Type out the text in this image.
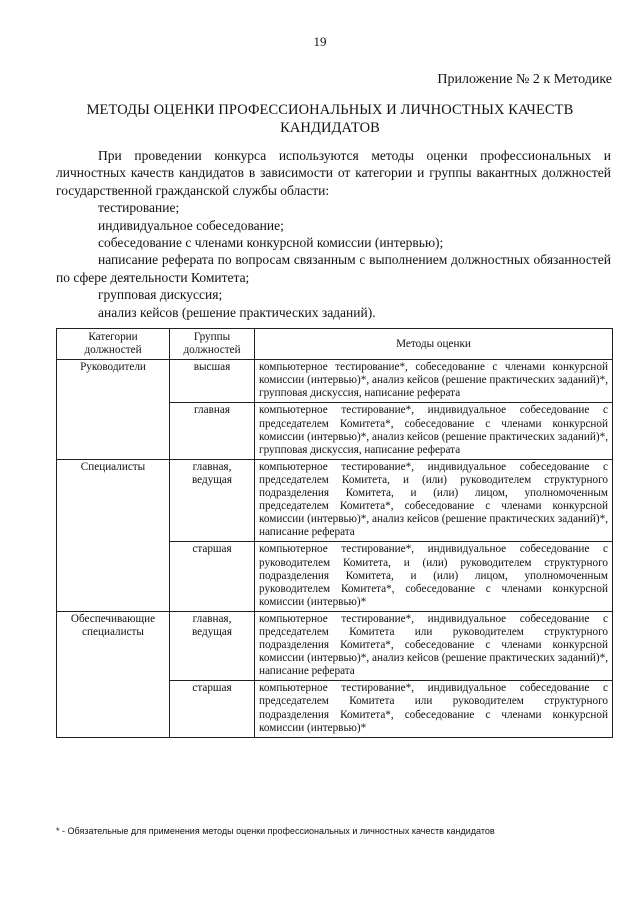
19
Приложение № 2 к Методике
МЕТОДЫ ОЦЕНКИ ПРОФЕССИОНАЛЬНЫХ И ЛИЧНОСТНЫХ КАЧЕСТВ КАНДИДАТОВ

При проведении конкурса используются методы оценки профессиональных и личностных качеств кандидатов в зависимости от категории и группы вакантных должностей государственной гражданской службы области:

тестирование;
индивидуальное собеседование;
собеседование с членами конкурсной комиссии (интервью);
написание реферата по вопросам связанным с выполнением должностных обязанностей по сфере деятельности Комитета;
групповая дискуссия;
анализ кейсов (решение практических заданий).
Категории должностей	Группы должностей	Методы оценки
Руководители	высшая	компьютерное тестирование*, собеседование с членами конкурсной комиссии (интервью)*, анализ кейсов (решение практических заданий)*, групповая дискуссия, написание реферата
	главная	компьютерное тестирование*, индивидуальное собеседование с председателем Комитета*, собеседование с членами конкурсной комиссии (интервью)*, анализ кейсов (решение практических заданий)*, групповая дискуссия, написание реферата
Специалисты	главная, ведущая	компьютерное тестирование*, индивидуальное собеседование с председателем Комитета, и (или) руководителем структурного подразделения Комитета, и (или) лицом, уполномоченным председателем Комитета*, собеседование с членами конкурсной комиссии (интервью)*, анализ кейсов (решение практических заданий)*, написание реферата
	старшая	компьютерное тестирование*, индивидуальное собеседование с руководителем Комитета, и (или) руководителем структурного подразделения Комитета, и (или) лицом, уполномоченным руководителем Комитета*, собеседование с членами конкурсной комиссии (интервью)*
Обеспечивающие специалисты	главная, ведущая	компьютерное тестирование*, индивидуальное собеседование с председателем Комитета или руководителем структурного подразделения Комитета*, собеседование с членами конкурсной комиссии (интервью)*, анализ кейсов (решение практических заданий)*, написание реферата
	старшая	компьютерное тестирование*, индивидуальное собеседование с председателем Комитета или руководителем структурного подразделения Комитета*, собеседование с членами конкурсной комиссии (интервью)*
* - Обязательные для применения методы оценки профессиональных и личностных качеств кандидатов
